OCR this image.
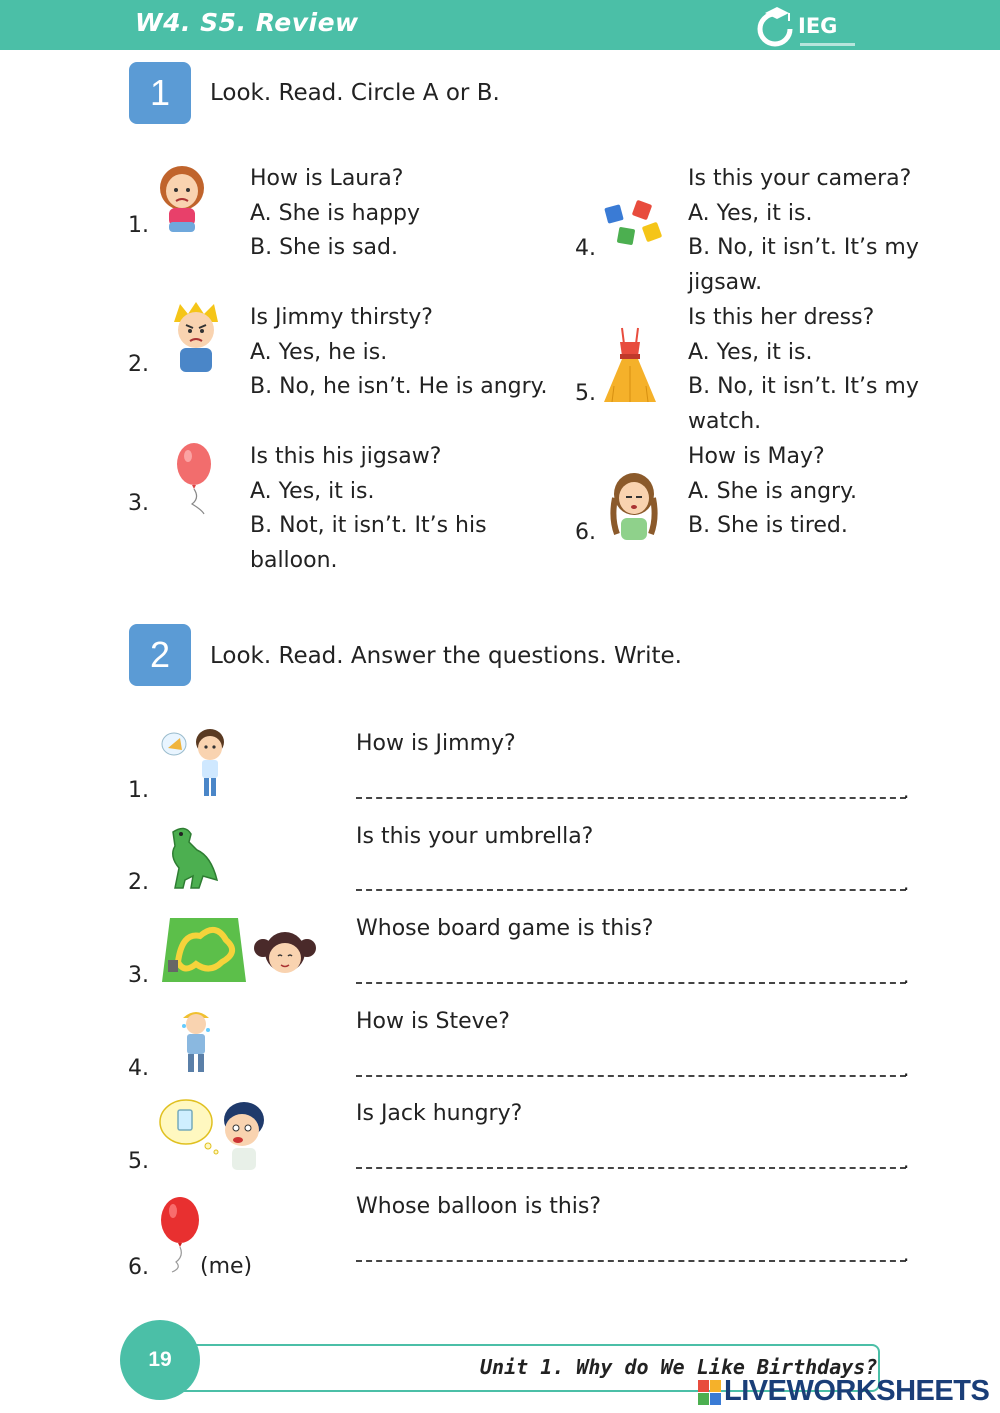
W4. S5. Review	IEG
1	Look. Read. Circle A or B.
1.
How is Laura?
A. She is happy
B. She is sad.
2.
Is Jimmy thirsty?
A. Yes, he is.
B. No, he isn’t. He is angry.
3.
Is this his jigsaw?
A. Yes, it is.
B. Not, it isn’t. It’s his
balloon.
4.
Is this your camera?
A. Yes, it is.
B. No, it isn’t. It’s my
jigsaw.
5.
Is this her dress?
A. Yes, it is.
B. No, it isn’t. It’s my
watch.
6.
How is May?
A. She is angry.
B. She is tired.
2	Look. Read. Answer the questions. Write.
1.
How is Jimmy?
.
2.
Is this your umbrella?
.
3.
Whose board game is this?
.
4.
How is Steve?
.
5.
Is Jack hungry?
.
6. (me)
Whose balloon is this?
.
19	Unit 1. Why do We Like Birthdays?
LIVEWORKSHEETS
